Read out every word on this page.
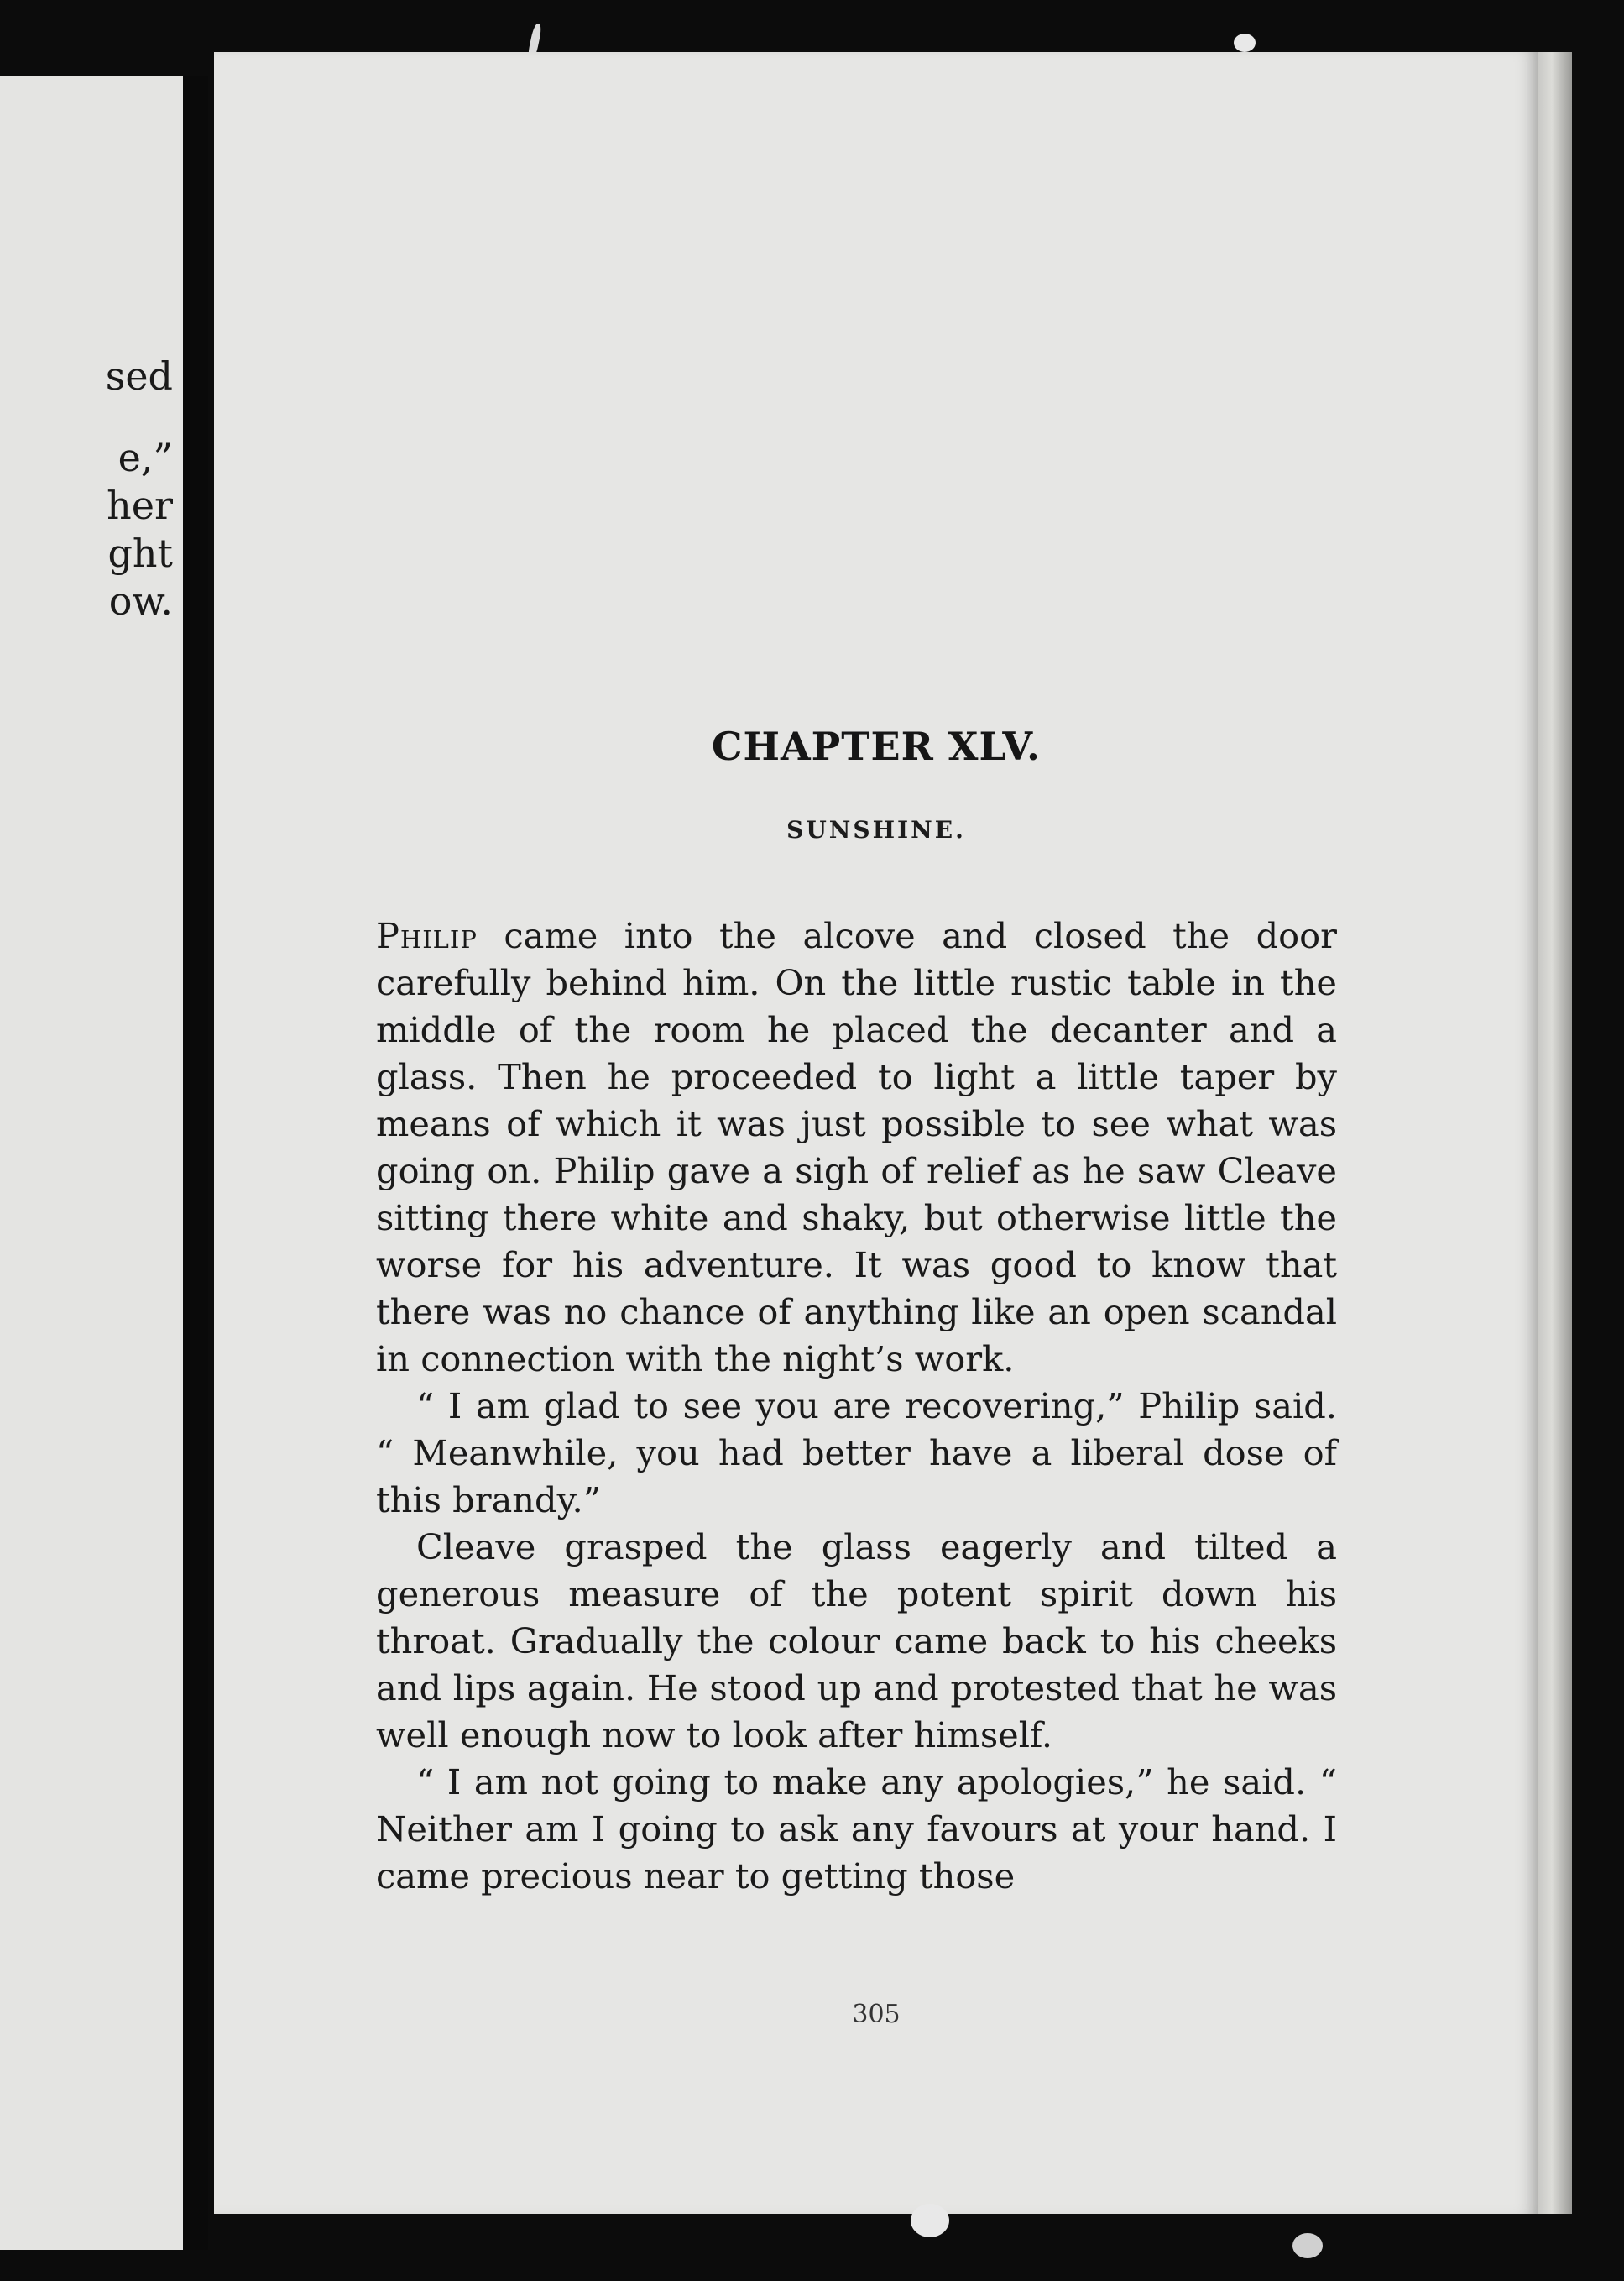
sed
e,”
her
ght
ow.
CHAPTER XLV.
SUNSHINE.

Philip came into the alcove and closed the door carefully behind him. On the little rustic table in the middle of the room he placed the decanter and a glass. Then he proceeded to light a little taper by means of which it was just possible to see what was going on. Philip gave a sigh of relief as he saw Cleave sitting there white and shaky, but otherwise little the worse for his adventure. It was good to know that there was no chance of anything like an open scandal in connection with the night’s work.

“ I am glad to see you are recovering,” Philip said. “ Meanwhile, you had better have a liberal dose of this brandy.”

Cleave grasped the glass eagerly and tilted a generous measure of the potent spirit down his throat. Gradually the colour came back to his cheeks and lips again. He stood up and protested that he was well enough now to look after himself.

“ I am not going to make any apologies,” he said. “ Neither am I going to ask any favours at your hand. I came precious near to getting those

305
